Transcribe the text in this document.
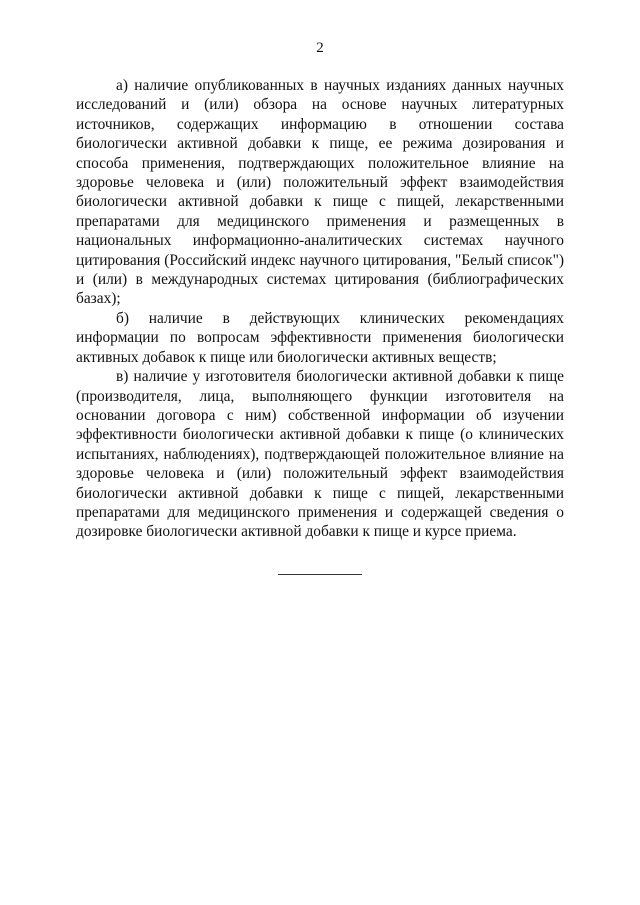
2

а) наличие опубликованных в научных изданиях данных научных исследований и (или) обзора на основе научных литературных источников, содержащих информацию в отношении состава биологически активной добавки к пище, ее режима дозирования и способа применения, подтверждающих положительное влияние на здоровье человека и (или) положительный эффект взаимодействия биологически активной добавки к пище с пищей, лекарственными препаратами для медицинского применения и размещенных в национальных информационно-аналитических системах научного цитирования (Российский индекс научного цитирования, "Белый список") и (или) в международных системах цитирования (библиографических базах);

б) наличие в действующих клинических рекомендациях информации по вопросам эффективности применения биологически активных добавок к пище или биологически активных веществ;

в) наличие у изготовителя биологически активной добавки к пище (производителя, лица, выполняющего функции изготовителя на основании договора с ним) собственной информации об изучении эффективности биологически активной добавки к пище (о клинических испытаниях, наблюдениях), подтверждающей положительное влияние на здоровье человека и (или) положительный эффект взаимодействия биологически активной добавки к пище с пищей, лекарственными препаратами для медицинского применения и содержащей сведения о дозировке биологически активной добавки к пище и курсе приема.
